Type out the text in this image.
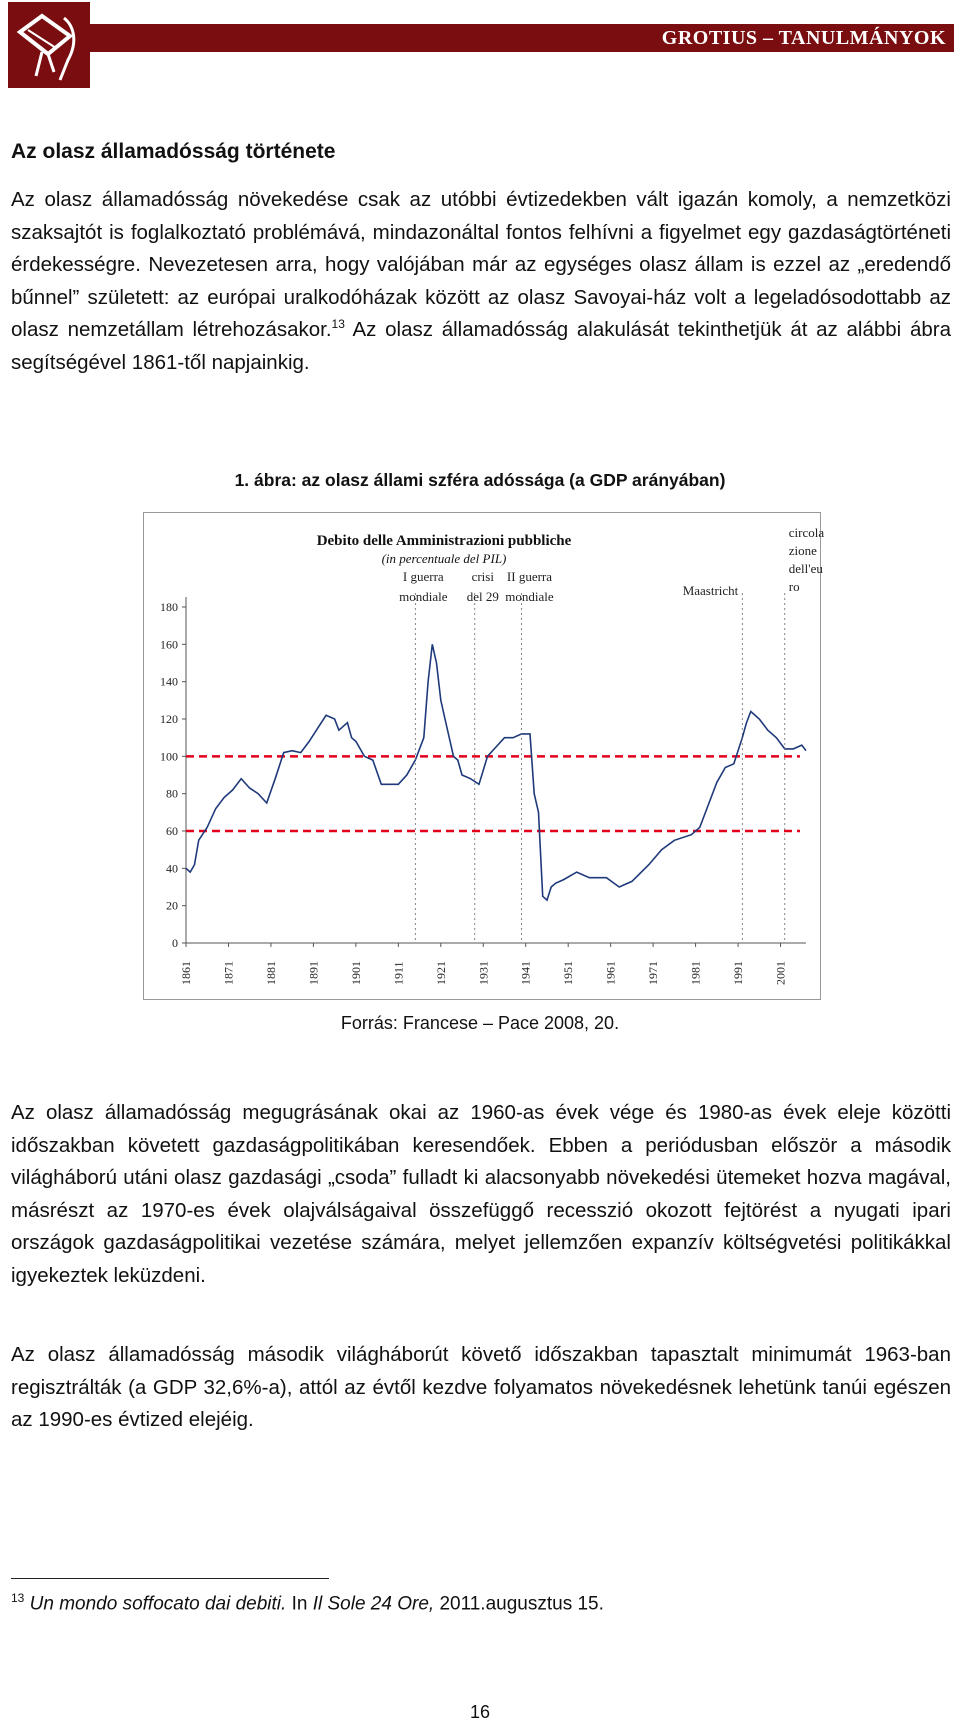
GROTIUS – TANULMÁNYOK
Az olasz államadósság története
Az olasz államadósság növekedése csak az utóbbi évtizedekben vált igazán komoly, a nemzetközi szaksajtót is foglalkoztató problémává, mindazonáltal fontos felhívni a figyelmet egy gazdaságtörténeti érdekességre. Nevezetesen arra, hogy valójában már az egységes olasz állam is ezzel az „eredendő bűnnel” született: az európai uralkodóházak között az olasz Savoyai-ház volt a legeladósodottabb az olasz nemzetállam létrehozásakor.$^{13}$ Az olasz államadósság alakulását tekinthetjük át az alábbi ábra segítségével 1861-től napjainkig.
1. ábra: az olasz állami szféra adóssága (a GDP arányában)
0
20
40
60
80
100
120
140
160
180
1861 1871 1881 1891 1901 1911 1921 1931 1941 1951 1961 1971 1981 1991 2001
Debito delle Amministrazioni pubbliche
(in percentuale del PIL)
I guerra
mondiale
crisi
del 29
II guerra
mondiale	Maastricht
circola
zione
dell'eu
ro
Forrás: Francese – Pace 2008, 20.
Az olasz államadósság megugrásának okai az 1960-as évek vége és 1980-as évek eleje közötti időszakban követett gazdaságpolitikában keresendőek. Ebben a periódusban először a második világháború utáni olasz gazdasági „csoda” fulladt ki alacsonyabb növekedési ütemeket hozva magával, másrészt az 1970-es évek olajválságaival összefüggő recesszió okozott fejtörést a nyugati ipari országok gazdaságpolitikai vezetése számára, melyet jellemzően expanzív költségvetési politikákkal igyekeztek leküzdeni.
Az olasz államadósság második világháborút követő időszakban tapasztalt minimumát 1963-ban regisztrálták (a GDP 32,6%-a), attól az évtől kezdve folyamatos növekedésnek lehetünk tanúi egészen az 1990-es évtized elejéig.
$^{13}$ Un mondo soffocato dai debiti. In Il Sole 24 Ore, 2011.augusztus 15.
16
